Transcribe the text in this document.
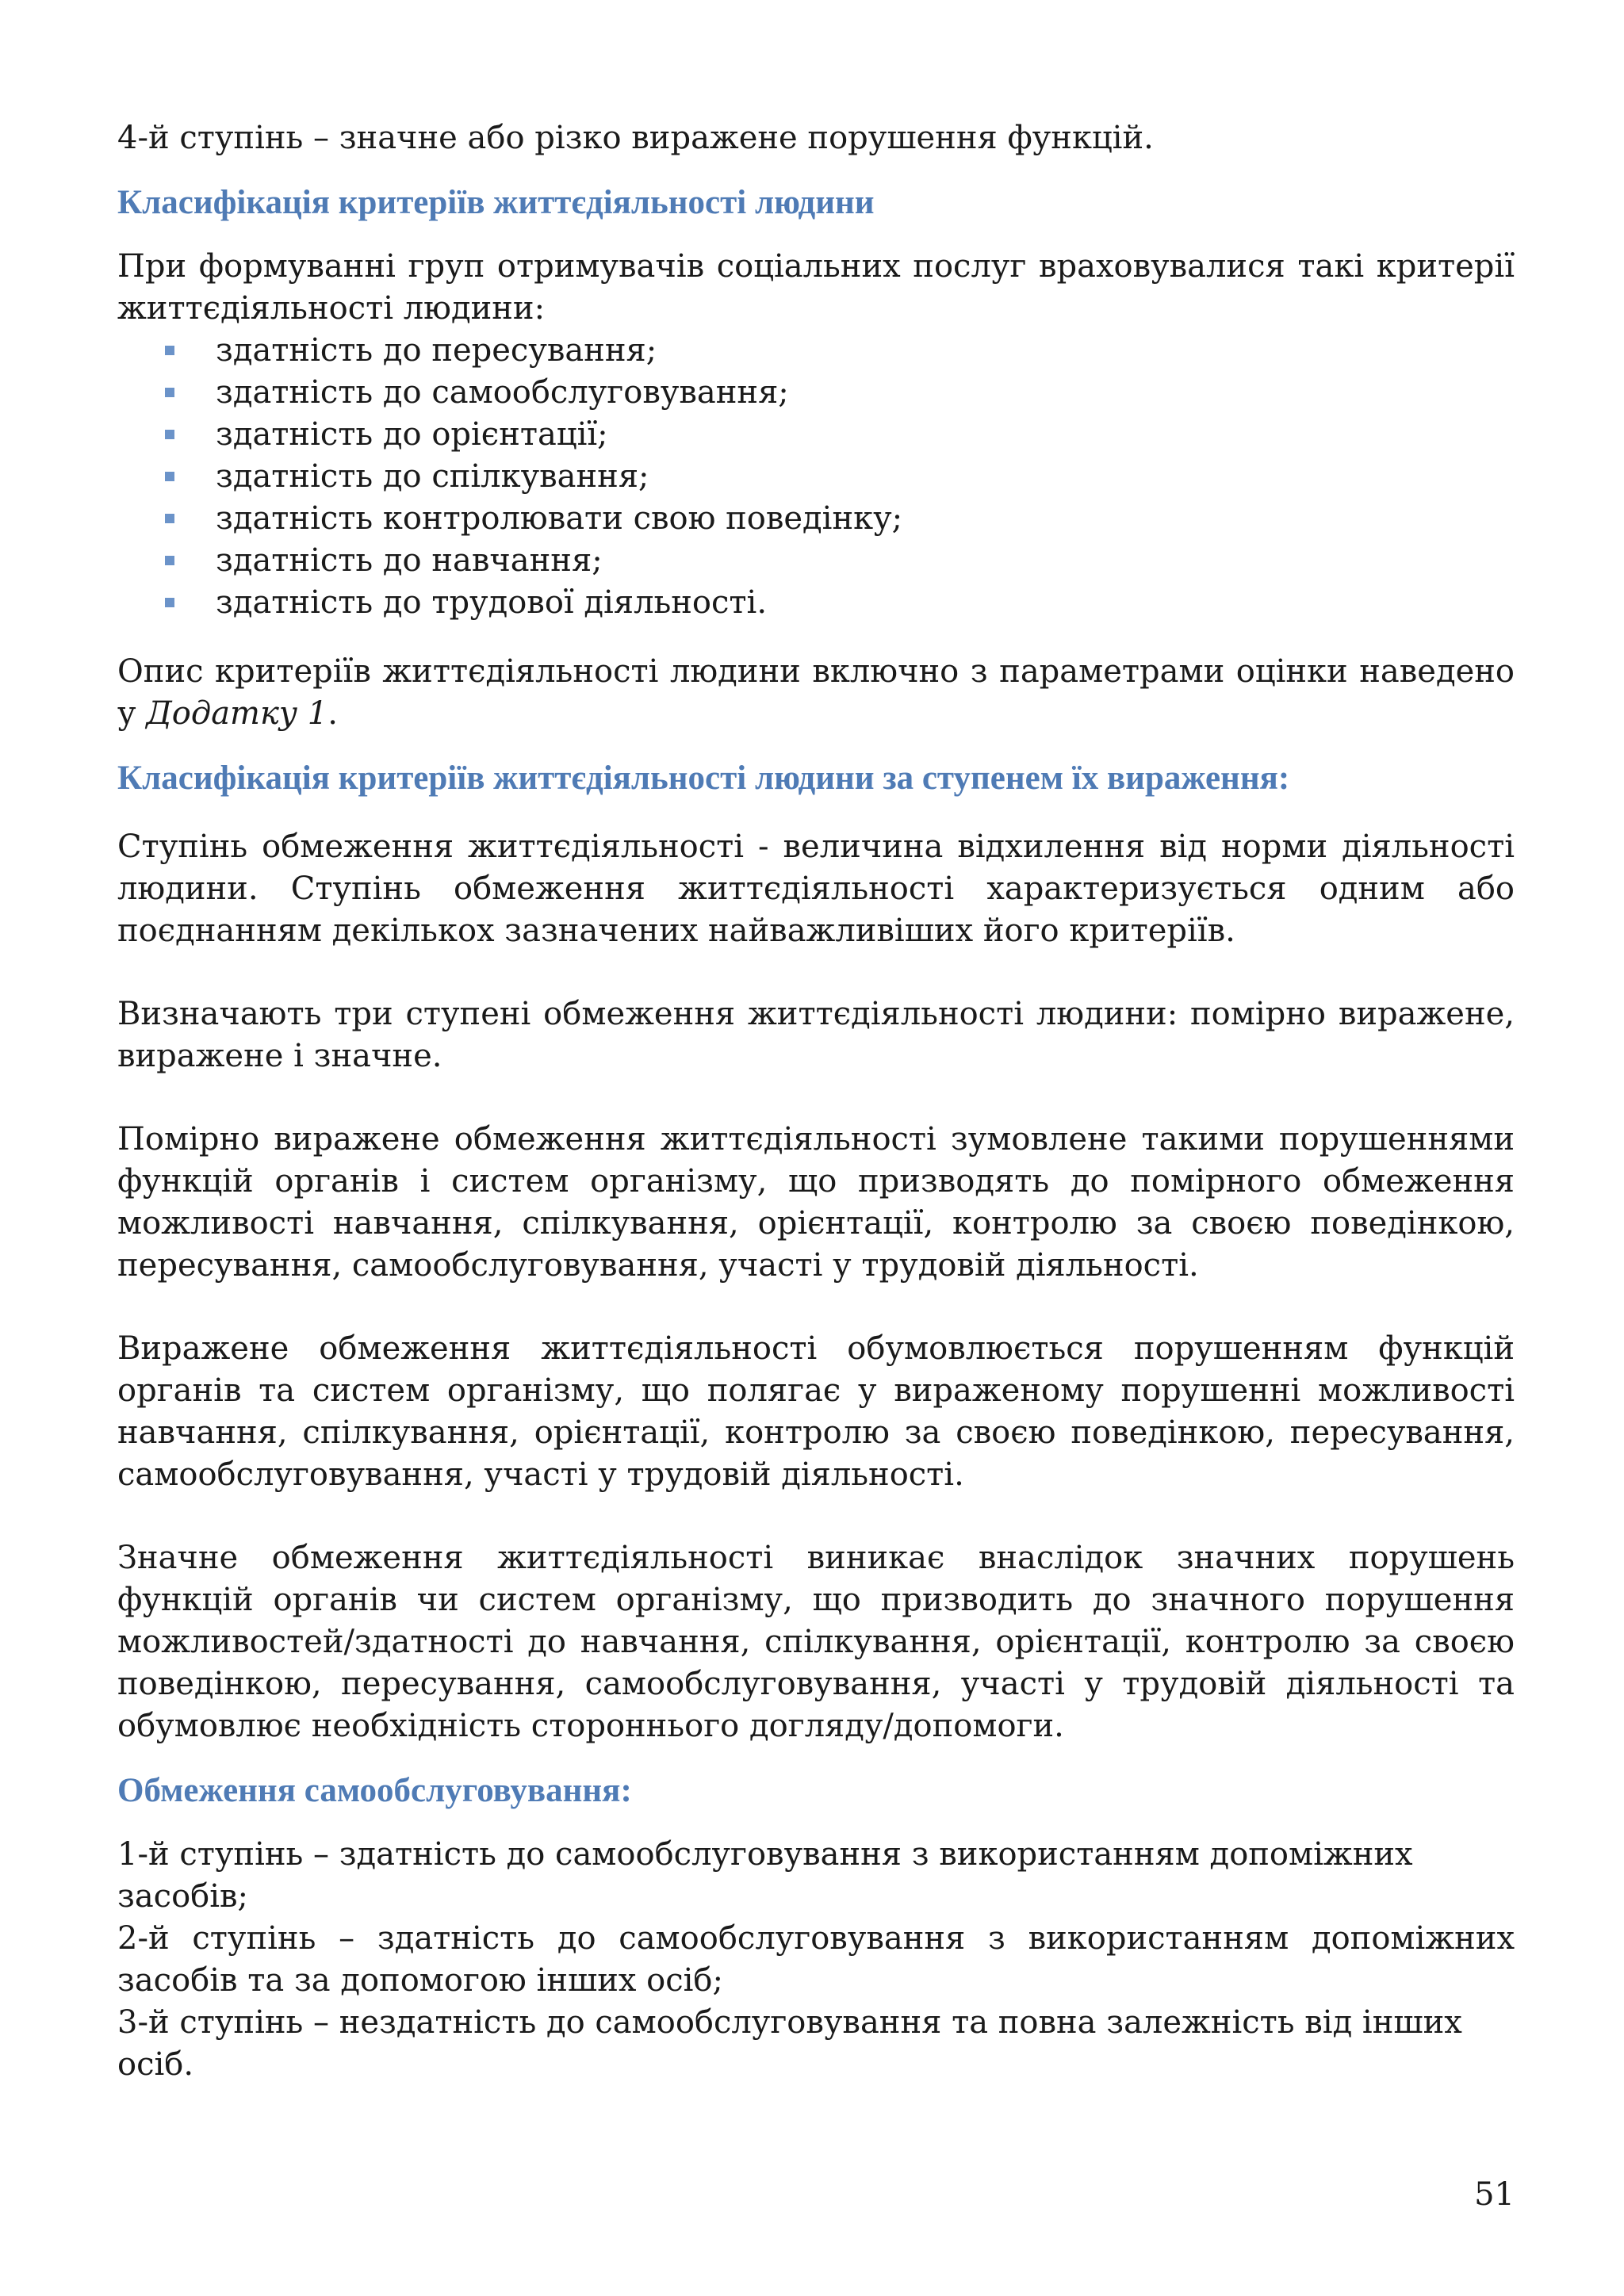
4-й ступінь – значне або різко виражене порушення функцій.

Класифікація критеріїв життєдіяльності людини

При формуванні груп отримувачів соціальних послуг враховувалися такі критерії життєдіяльності людини:

здатність до пересування;
здатність до самообслуговування;
здатність до орієнтації;
здатність до спілкування;
здатність контролювати свою поведінку;
здатність до навчання;
здатність до трудової діяльності.

Опис критеріїв життєдіяльності людини включно з параметрами оцінки наведено у Додатку 1.

Класифікація критеріїв життєдіяльності людини за ступенем їх вираження:

Ступінь обмеження життєдіяльності - величина відхилення від норми діяльності людини. Ступінь обмеження життєдіяльності характеризується одним або поєднанням декількох зазначених найважливіших його критеріїв.

Визначають три ступені обмеження життєдіяльності людини: помірно виражене, виражене і значне.

Помірно виражене обмеження життєдіяльності зумовлене такими порушеннями функцій органів і систем організму, що призводять до помірного обмеження можливості навчання, спілкування, орієнтації, контролю за своєю поведінкою, пересування, самообслуговування, участі у трудовій діяльності.

Виражене обмеження життєдіяльності обумовлюється порушенням функцій органів та систем організму, що полягає у вираженому порушенні можливості навчання, спілкування, орієнтації, контролю за своєю поведінкою, пересування, самообслуговування, участі у трудовій діяльності.

Значне обмеження життєдіяльності виникає внаслідок значних порушень функцій органів чи систем організму, що призводить до значного порушення можливостей/здатності до навчання, спілкування, орієнтації, контролю за своєю поведінкою, пересування, самообслуговування, участі у трудовій діяльності та обумовлює необхідність стороннього догляду/допомоги.

Обмеження самообслуговування:

1-й ступінь – здатність до самообслуговування з використанням допоміжних засобів;

2-й ступінь – здатність до самообслуговування з використанням допоміжних засобів та за допомогою інших осіб;

3-й ступінь – нездатність до самообслуговування та повна залежність від інших осіб.

51
